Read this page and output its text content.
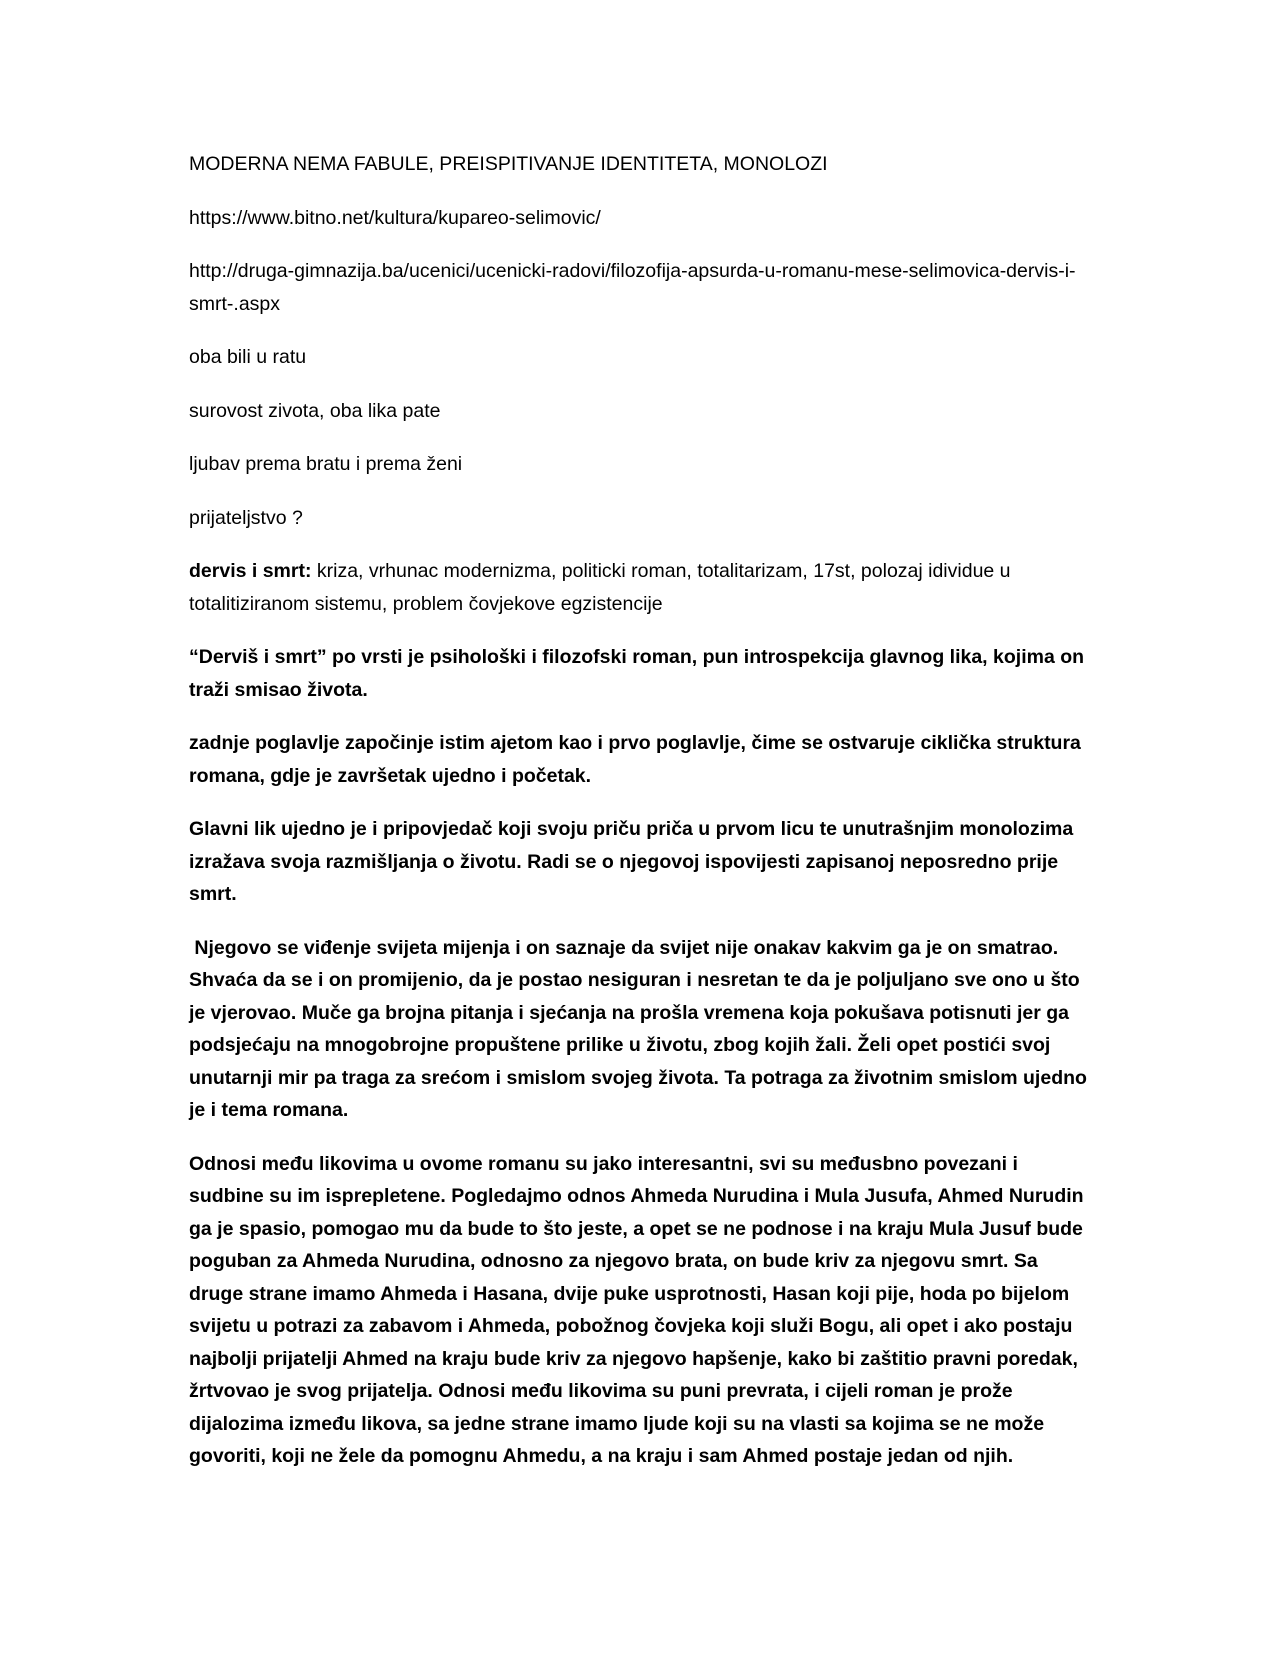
MODERNA NEMA FABULE, PREISPITIVANJE IDENTITETA, MONOLOZI

https://www.bitno.net/kultura/kupareo-selimovic/

http://druga-gimnazija.ba/ucenici/ucenicki-radovi/filozofija-apsurda-u-romanu-mese-selimovica-dervis-i-smrt-.aspx

oba bili u ratu

surovost zivota, oba lika pate

ljubav prema bratu i prema ženi

prijateljstvo ?

dervis i smrt: kriza, vrhunac modernizma, politicki roman, totalitarizam, 17st, polozaj idividue u totalitiziranom sistemu, problem čovjekove egzistencije

“Derviš i smrt” po vrsti je psihološki i filozofski roman, pun introspekcija glavnog lika, kojima on traži smisao života.

zadnje poglavlje započinje istim ajetom kao i prvo poglavlje, čime se ostvaruje ciklička struktura romana, gdje je završetak ujedno i početak.

Glavni lik ujedno je i pripovjedač koji svoju priču priča u prvom licu te unutrašnjim monolozima izražava svoja razmišljanja o životu. Radi se o njegovoj ispovijesti zapisanoj neposredno prije smrt.

Njegovo se viđenje svijeta mijenja i on saznaje da svijet nije onakav kakvim ga je on smatrao. Shvaća da se i on promijenio, da je postao nesiguran i nesretan te da je poljuljano sve ono u što je vjerovao. Muče ga brojna pitanja i sjećanja na prošla vremena koja pokušava potisnuti jer ga podsjećaju na mnogobrojne propuštene prilike u životu, zbog kojih žali. Želi opet postići svoj unutarnji mir pa traga za srećom i smislom svojeg života. Ta potraga za životnim smislom ujedno je i tema romana.

Odnosi među likovima u ovome romanu su jako interesantni, svi su međusbno povezani i sudbine su im isprepletene. Pogledajmo odnos Ahmeda Nurudina i Mula Jusufa, Ahmed Nurudin ga je spasio, pomogao mu da bude to što jeste, a opet se ne podnose i na kraju Mula Jusuf bude poguban za Ahmeda Nurudina, odnosno za njegovo brata, on bude kriv za njegovu smrt. Sa druge strane imamo Ahmeda i Hasana, dvije puke usprotnosti, Hasan koji pije, hoda po bijelom svijetu u potrazi za zabavom i Ahmeda, pobožnog čovjeka koji služi Bogu, ali opet i ako postaju najbolji prijatelji Ahmed na kraju bude kriv za njegovo hapšenje, kako bi zaštitio pravni poredak, žrtvovao je svog prijatelja. Odnosi među likovima su puni prevrata, i cijeli roman je prože dijalozima između likova, sa jedne strane imamo ljude koji su na vlasti sa kojima se ne može govoriti, koji ne žele da pomognu Ahmedu, a na kraju i sam Ahmed postaje jedan od njih.
